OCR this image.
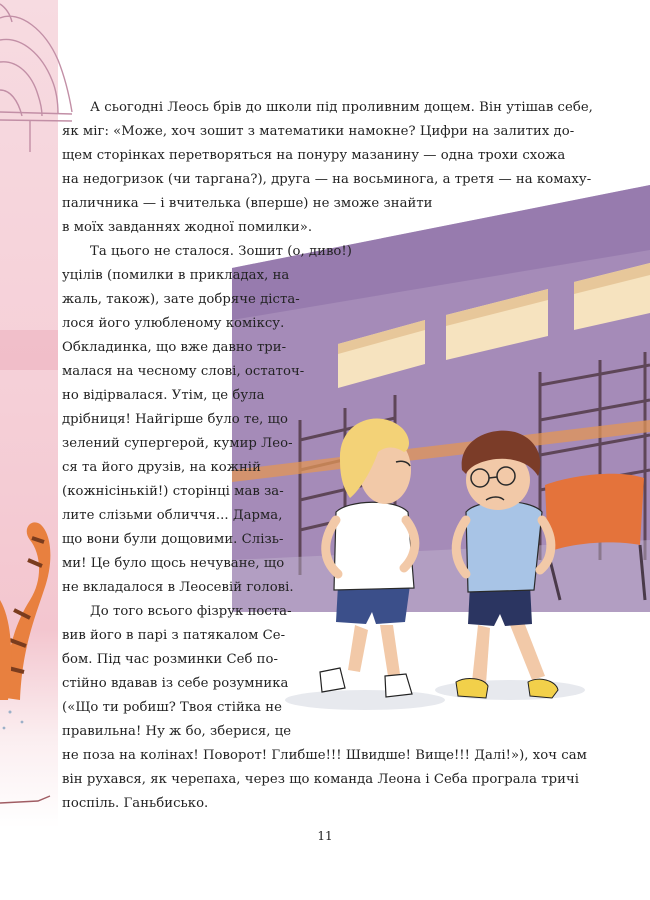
А сьогодні Леось брів до школи під проливним дощем. Він утішав себе,
як міг: «Може, хоч зошит з математики намокне? Цифри на залитих до-
щем сторінках перетворяться на понуру мазанину — одна трохи схожа
на недогризок (чи таргана?), друга — на восьминога, а третя — на комаху-
паличника — і вчителька (вперше) не зможе знайти
в моїх завданнях жодної помилки».
Та цього не сталося. Зошит (о, диво!)
уцілів (помилки в прикладах, на
жаль, також), зате добряче діста-
лося його улюбленому коміксу.
Обкладинка, що вже давно три-
малася на чесному слові, остаточ-
но відірвалася. Утім, це була
дрібниця! Найгірше було те, що
зелений супергерой, кумир Лео-
ся та його друзів, на кожній
(кожнісінькій!) сторінці мав за-
лите слізьми обличчя... Дарма,
що вони були дощовими. Слізь-
ми! Це було щось нечуване, що
не вкладалося в Леосевій голові.
До того всього фізрук поста-
вив його в парі з патякалом Се-
бом. Під час розминки Себ по-
стійно вдавав із себе розумника
(«Що ти робиш? Твоя стійка не
правильна! Ну ж бо, зберися, це
не поза на колінах! Поворот! Глибше!!! Швидше! Вище!!! Далі!»), хоч сам
він рухався, як черепаха, через що команда Леона і Себа програла тричі
поспіль. Ганьбисько.
11
